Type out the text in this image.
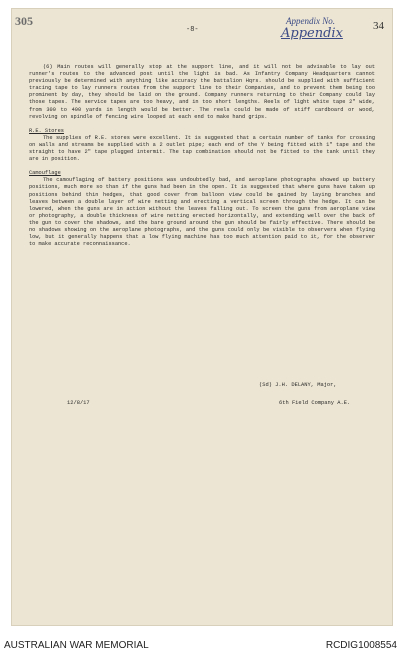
305
-8-
Appendix No.
Appendix	34

(6) Main routes will generally stop at the support line, and it will not be advisable to lay out runner's routes to the advanced post until the light is bad. As Infantry Company Headquarters cannot previously be determined with anything like accuracy the battalion Hqrs. should be supplied with sufficient tracing tape to lay runners routes from the support line to their Companies, and to prevent them being too prominent by day, they should be laid on the ground. Company runners returning to their Company could lay those tapes. The service tapes are too heavy, and in too short lengths. Reels of light white tape 2" wide, from 300 to 400 yards in length would be better. The reels could be made of stiff cardboard or wood, revolving on spindle of fencing wire looped at each end to make hand grips.

R.E. Stores

The supplies of R.E. stores were excellent. It is suggested that a certain number of tanks for crossing on walls and streams be supplied with a 2 outlet pipe; each end of the Y being fitted with 1" tape and the straight to have 2" tape plugged intermit. The tap combination should not be fitted to the tank until they are in position.

Camouflage

The camouflaging of battery positions was undoubtedly bad, and aeroplane photographs showed up battery positions, much more so than if the guns had been in the open. It is suggested that where guns have taken up positions behind thin hedges, that good cover from balloon view could be gained by laying branches and leaves between a double layer of wire netting and erecting a vertical screen through the hedge. It can be lowered, when the guns are in action without the leaves falling out. To screen the guns from aeroplane view or photography, a double thickness of wire netting erected horizontally, and extending well over the back of the gun to cover the shadows, and the bare ground around the gun should be fairly effective. There should be no shadows showing on the aeroplane photographs, and the guns could only be visible to observers when flying low, but it generally happens that a low flying machine has too much attention paid to it, for the observer to make accurate reconnaissance.

(Sd) J.H. DELANY, Major,
6th Field Company A.E.
12/8/17
AUSTRALIAN WAR MEMORIAL	RCDIG1008554
